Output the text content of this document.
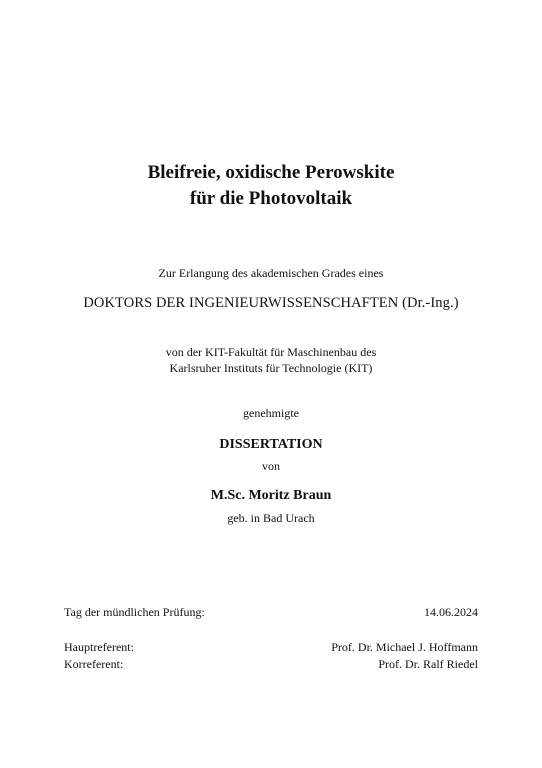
Bleifreie, oxidische Perowskite
für die Photovoltaik
Zur Erlangung des akademischen Grades eines
DOKTORS DER INGENIEURWISSENSCHAFTEN (Dr.-Ing.)
von der KIT-Fakultät für Maschinenbau des
Karlsruher Instituts für Technologie (KIT)
genehmigte
DISSERTATION
von
M.Sc. Moritz Braun
geb. in Bad Urach
Tag der mündlichen Prüfung:	14.06.2024
Hauptreferent:	Prof. Dr. Michael J. Hoffmann
Korreferent:	Prof. Dr. Ralf Riedel
